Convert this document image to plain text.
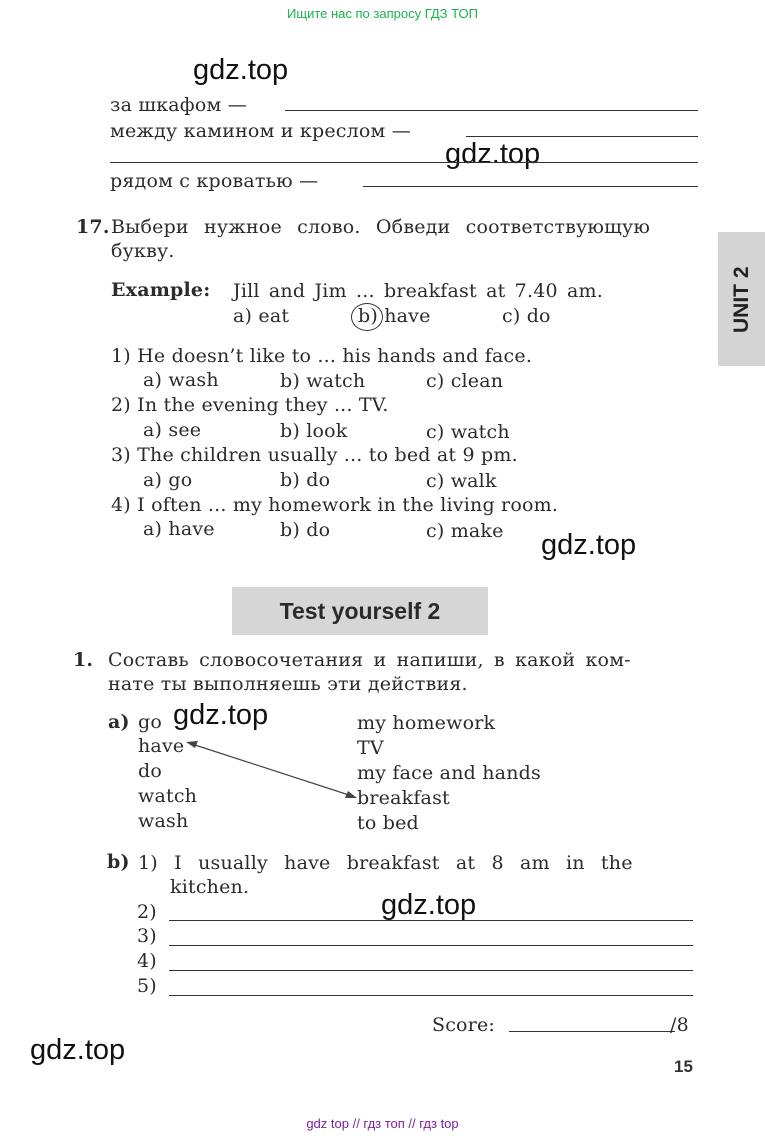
Ищите нас по запросу ГДЗ ТОП
gdz.top
gdz.top
gdz.top
gdz.top
gdz.top
gdz.top
UNIT 2
за шкафом —
между камином и креслом —
рядом с кроватью —
17. Выбери нужное слово. Обведи соответствующую
букву.
Example: Jill and Jim ... breakfast at 7.40 am.
a) eat	b) have	c) do
1) He doesn’t like to ... his hands and face.
a) wash	b) watch	c) clean
2) In the evening they ... TV.
a) see	b) look	c) watch
3) The children usually ... to bed at 9 pm.
a) go	b) do	c) walk
4) I often ... my homework in the living room.
a) have	b) do	c) make
Test yourself 2
1. Составь словосочетания и напиши, в какой ком-
нате ты выполняешь эти действия.
a) go
have
do
watch
wash
my homework
TV
my face and hands
breakfast
to bed
b) 1) I usually have breakfast at 8 am in the
kitchen.
2)
3)
4)
5)
Score:	/8
15
gdz top // гдз топ // гдз top
